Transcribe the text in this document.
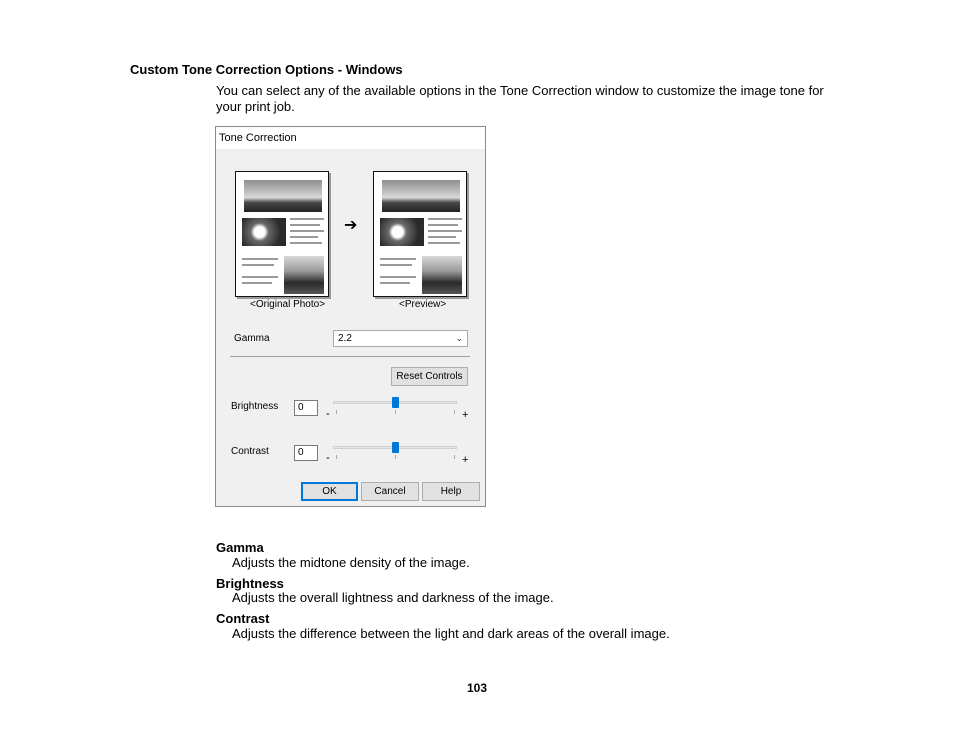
Custom Tone Correction Options - Windows
You can select any of the available options in the Tone Correction window to customize the image tone for your print job.
Tone Correction
➔
<Original Photo>	<Preview>
Gamma	2.2	⌄
Reset Controls
Brightness	0
-	+
Contrast	0	-	+
OK	Cancel	Help
Gamma
Adjusts the midtone density of the image.
Brightness
Adjusts the overall lightness and darkness of the image.
Contrast
Adjusts the difference between the light and dark areas of the overall image.
103
